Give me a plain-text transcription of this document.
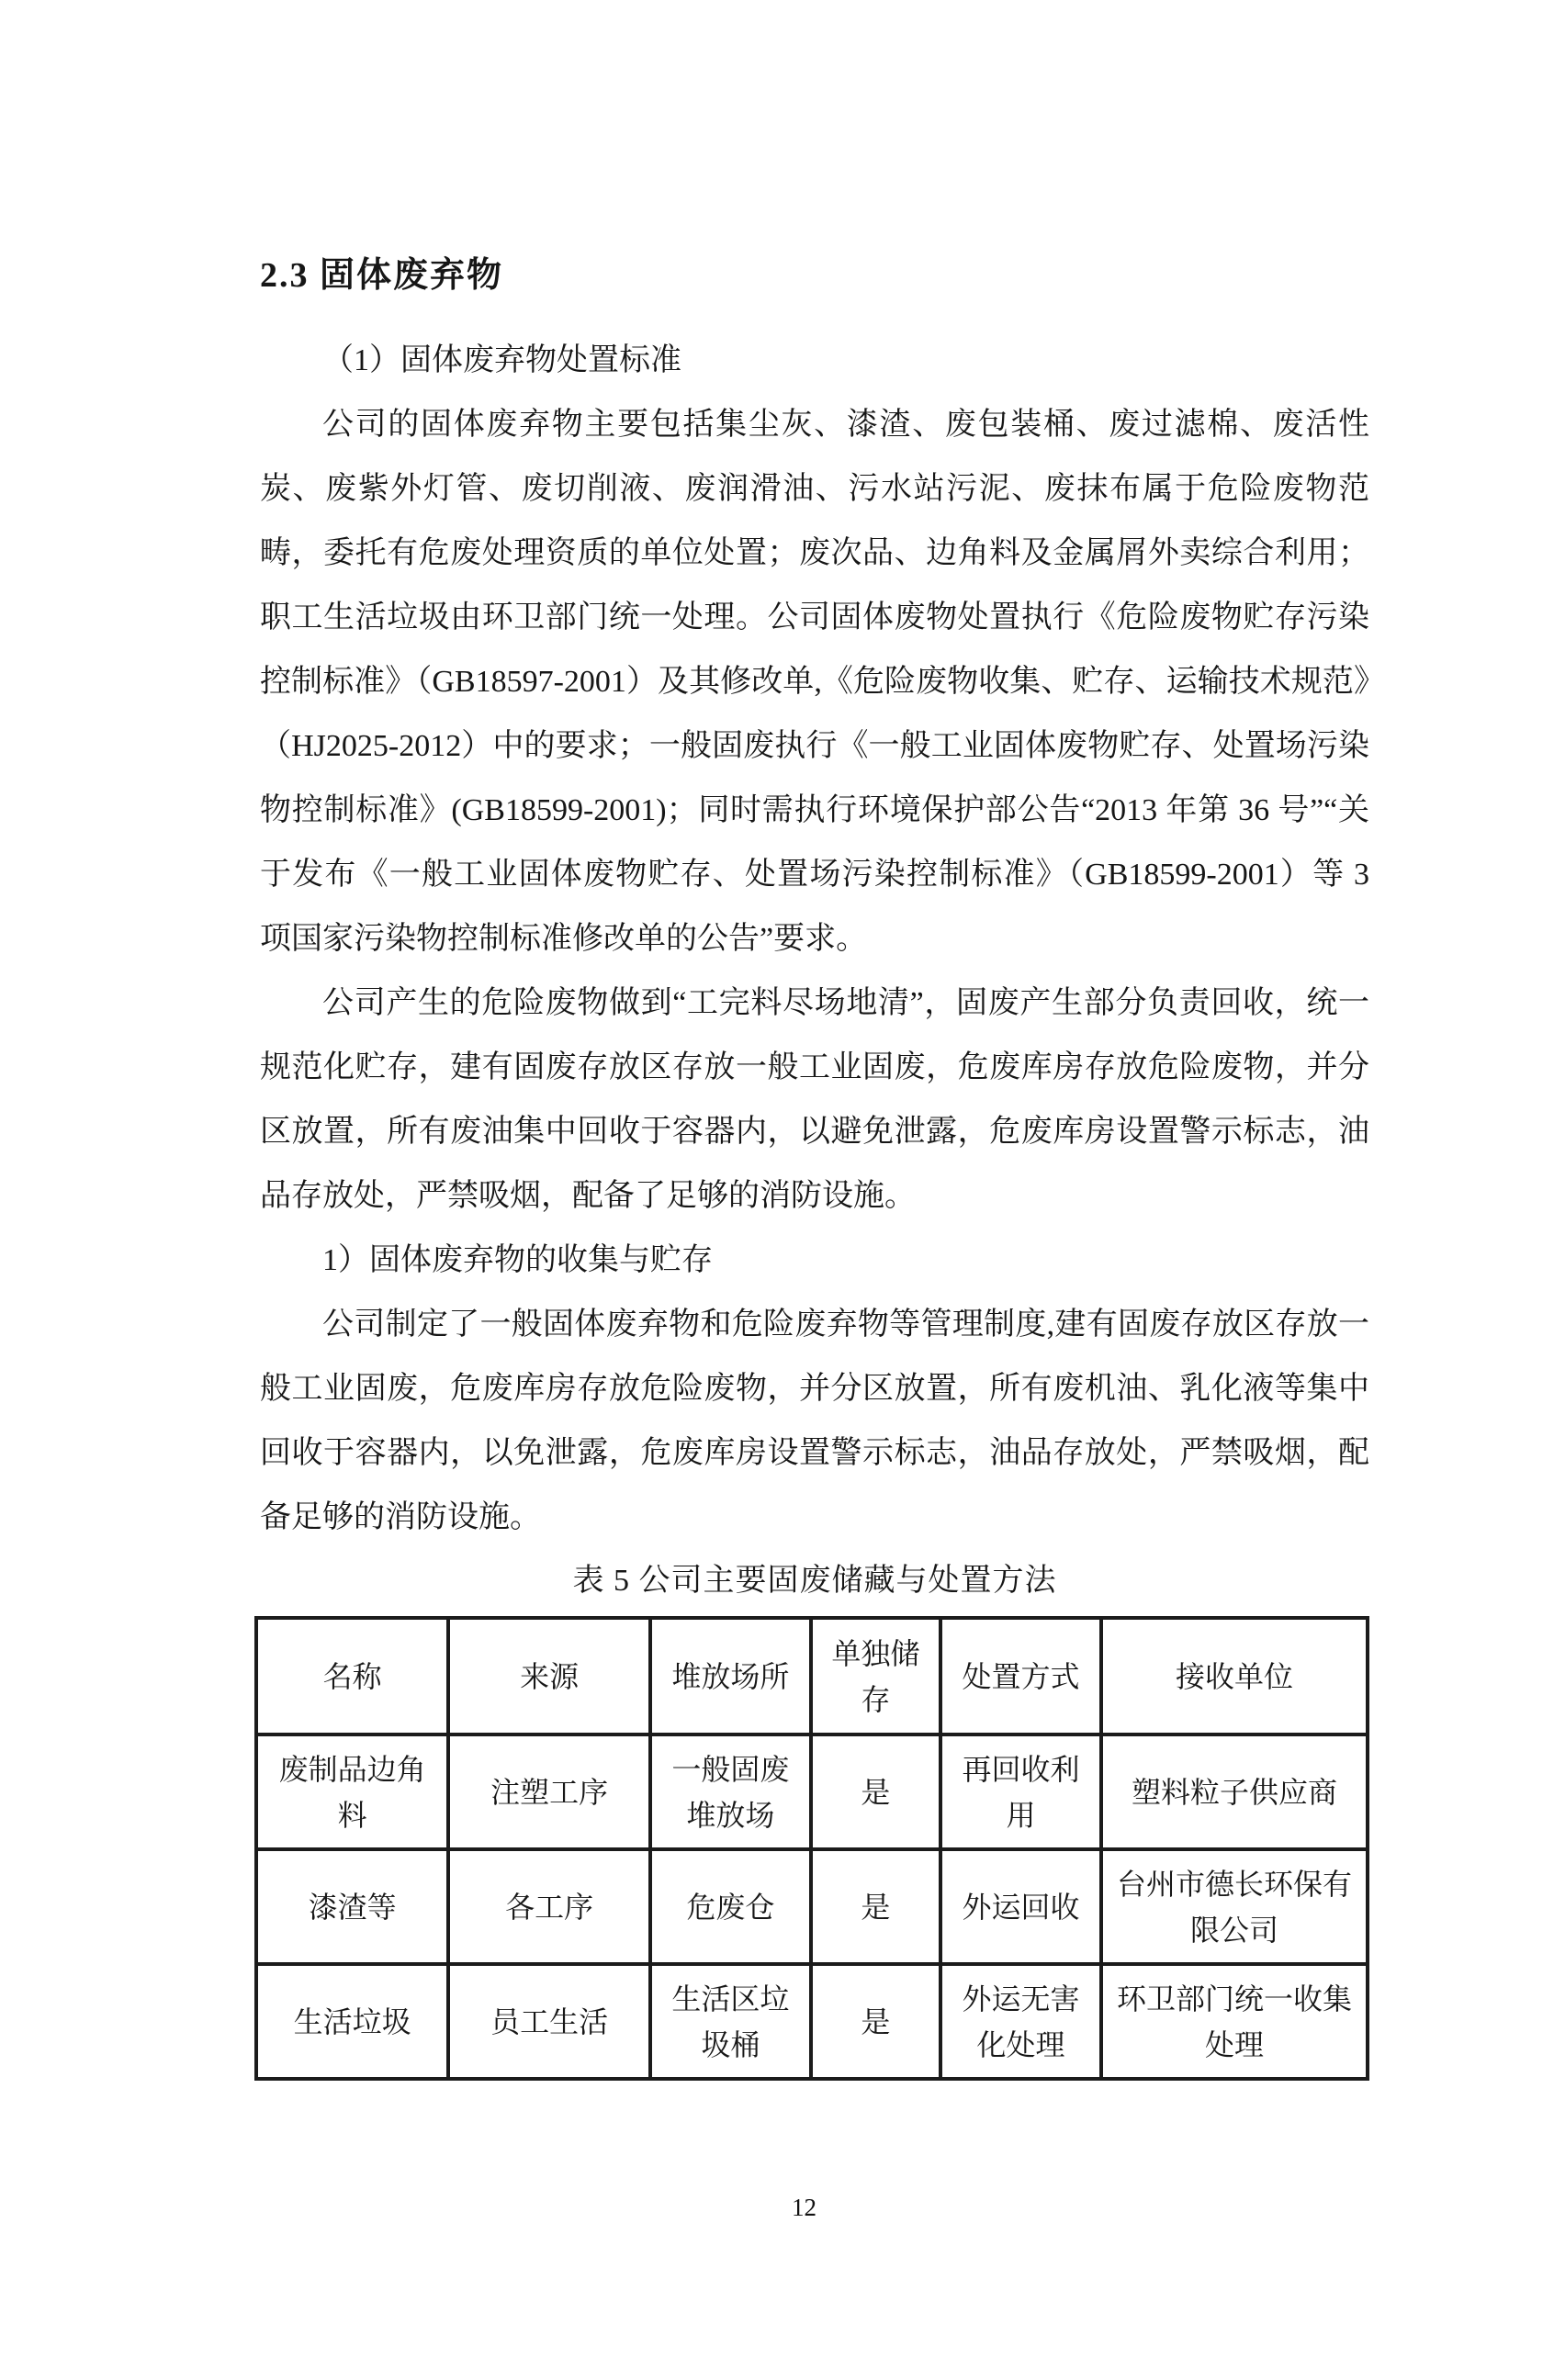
2.3 固体废弃物

（1）固体废弃物处置标准

公司的固体废弃物主要包括集尘灰、漆渣、废包装桶、废过滤棉、废活性炭、废紫外灯管、废切削液、废润滑油、污水站污泥、废抹布属于危险废物范畴，委托有危废处理资质的单位处置；废次品、边角料及金属屑外卖综合利用；职工生活垃圾由环卫部门统一处理。公司固体废物处置执行《危险废物贮存污染控制标准》（GB18597-2001）及其修改单,《危险废物收集、贮存、运输技术规范》（HJ2025-2012）中的要求；一般固废执行《一般工业固体废物贮存、处置场污染物控制标准》(GB18599-2001)；同时需执行环境保护部公告“2013 年第 36 号”“关于发布《一般工业固体废物贮存、处置场污染控制标准》（GB18599-2001）等 3 项国家污染物控制标准修改单的公告”要求。

公司产生的危险废物做到“工完料尽场地清”，固废产生部分负责回收，统一规范化贮存，建有固废存放区存放一般工业固废，危废库房存放危险废物，并分区放置，所有废油集中回收于容器内，以避免泄露，危废库房设置警示标志，油品存放处，严禁吸烟，配备了足够的消防设施。

1）固体废弃物的收集与贮存

公司制定了一般固体废弃物和危险废弃物等管理制度,建有固废存放区存放一般工业固废，危废库房存放危险废物，并分区放置，所有废机油、乳化液等集中回收于容器内，以免泄露，危废库房设置警示标志，油品存放处，严禁吸烟，配备足够的消防设施。

表 5 公司主要固废储藏与处置方法
名称	来源	堆放场所	单独储存	处置方式	接收单位
废制品边角料	注塑工序	一般固废堆放场	是	再回收利用	塑料粒子供应商
漆渣等	各工序	危废仓	是	外运回收	台州市德长环保有限公司
生活垃圾	员工生活	生活区垃圾桶	是	外运无害化处理	环卫部门统一收集处理
12
